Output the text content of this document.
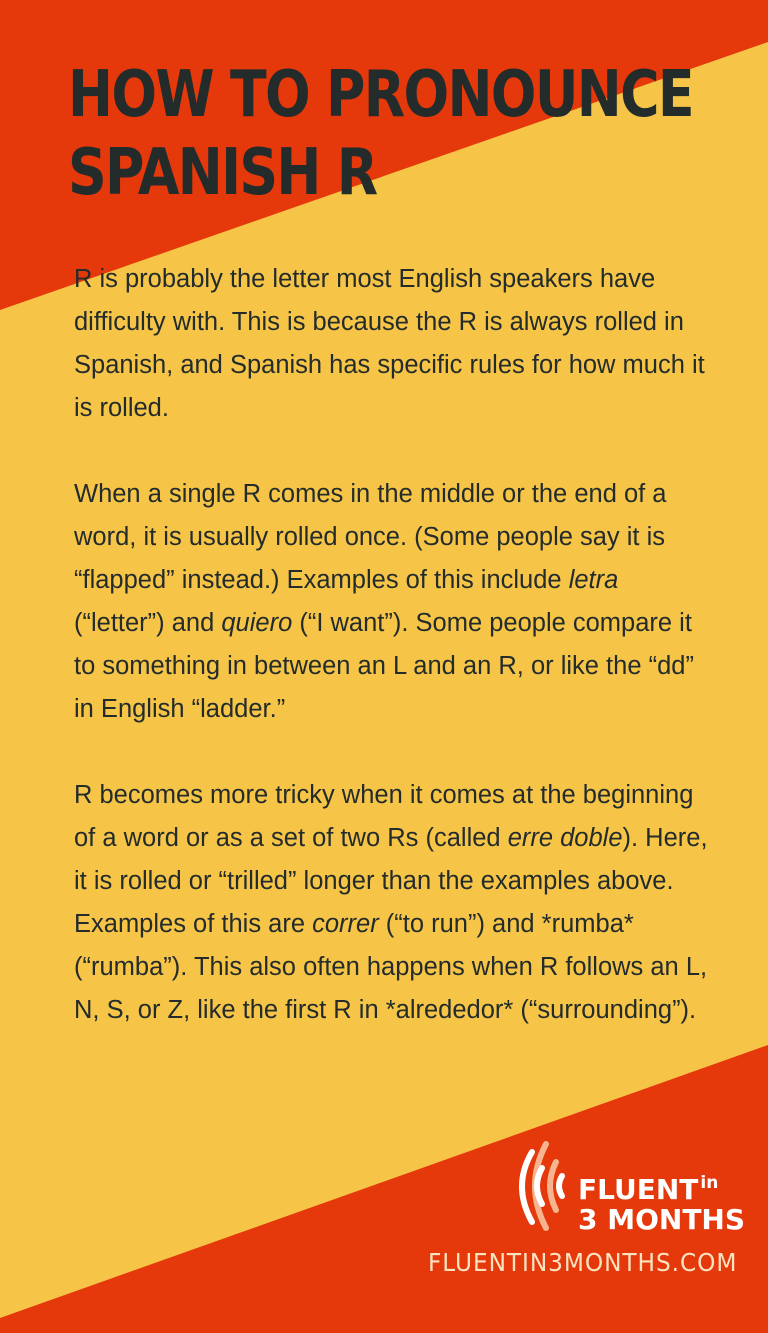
HOW TO PRONOUNCE
SPANISH R

R is probably the letter most English speakers have difficulty with. This is because the R is always rolled in Spanish, and Spanish has specific rules for how much it is rolled.

When a single R comes in the middle or the end of a word, it is usually rolled once. (Some people say it is “flapped” instead.) Examples of this include letra (“letter”) and quiero (“I want”). Some people compare it to something in between an L and an R, or like the “dd” in English “ladder.”

R becomes more tricky when it comes at the beginning of a word or as a set of two Rs (called erre doble). Here, it is rolled or “trilled” longer than the examples above. Examples of this are correr (“to run”) and *rumba* (“rumba”). This also often happens when R follows an L, N, S, or Z, like the first R in *alrededor* (“surrounding”).

FLUENT $^{in}$
3 MONTHS
FLUENTIN3MONTHS.COM
